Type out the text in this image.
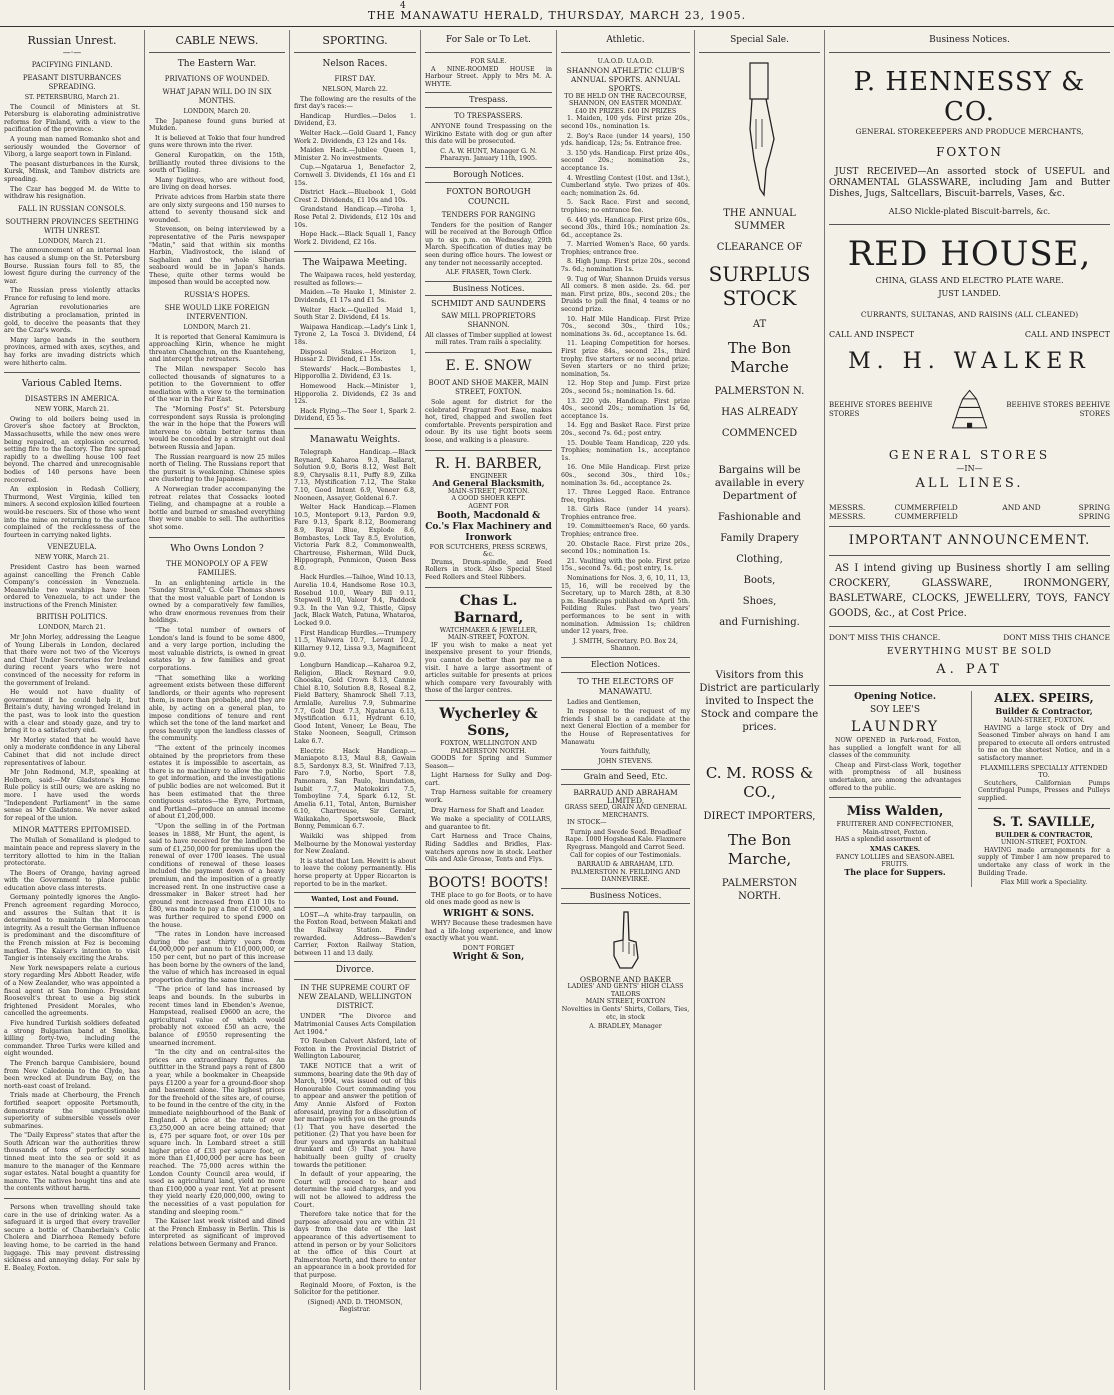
4
THE MANAWATU HERALD, THURSDAY, MARCH 23, 1905.
Russian Unrest.
—·—
PACIFYING FINLAND.
PEASANT DISTURBANCES SPREADING.
ST. PETERSBURG, March 21.

The Council of Ministers at St. Petersburg is elaborating administrative reforms for Finland, with a view to the pacification of the province.

A young man named Romanko shot and seriously wounded the Governor of Viborg, a large seaport town in Finland.

The peasant disturbances in the Kursk, Kursk, Minsk, and Tambov districts are spreading.

The Czar has begged M. de Witte to withdraw his resignation.

FALL IN RUSSIAN CONSOLS.
SOUTHERN PROVINCES SEETHING WITH UNREST.
LONDON, March 21.

The announcement of an internal loan has caused a slump on the St. Petersburg Bourse. Russian fours fell to 85, the lowest figure during the currency of the war.

The Russian press violently attacks France for refusing to lend more.

Agrarian revolutionaries are distributing a proclamation, printed in gold, to deceive the peasants that they are the Czar's words.

Many large bands in the southern provinces, armed with axes, scythes, and hay forks are invading districts which were hitherto calm.

Various Cabled Items.
DISASTERS IN AMERICA.
NEW YORK, March 21.

Owing to old boilers being used in Grover's shoe factory at Brockton, Massachusetts, while the new ones were being repaired, an explosion occurred, setting fire to the factory. The fire spread rapidly to a dwelling house 100 feet beyond. The charred and unrecognisable bodies of 140 persons have been recovered.

An explosion in Redash Colliery, Thurmond, West Virginia, killed ten miners. A second explosion killed fourteen would-be rescuers. Six of those who went into the mine on returning to the surface complained of the recklessness of the fourteen in carrying naked lights.

VENEZUELA.
NEW YORK, March 21.

President Castro has been warned against cancelling the French Cable Company's concession in Venezuela. Meanwhile two warships have been ordered to Venezuela, to act under the instructions of the French Minister.

BRITISH POLITICS.
LONDON, March 21.

Mr John Morley, addressing the League of Young Liberals in London, declared that there were not two of the Viceroys and Chief Under Secretaries for Ireland during recent years who were not convinced of the necessity for reform in the government of Ireland.

He would not have duality of government if he could help it, but Britain's duty, having wronged Ireland in the past, was to look into the question with a clear and steady gaze, and try to bring it to a satisfactory end.

Mr Morley stated that he would have only a moderate confidence in any Liberal Cabinet that did not include direct representatives of labour.

Mr John Redmond, M.P., speaking at Holborn, said:—Mr Gladstone's Home Rule policy is still ours; we are asking no more. I have used the words "Independent Parliament" in the same sense as Mr Gladstone. We never asked for repeal of the union.

MINOR MATTERS EPITOMISED.

The Mullah of Somaliland is pledged to maintain peace and repress slavery in the territory allotted to him in the Italian protectorate.

The Boers of Orange, having agreed with the Government to place public education above class interests.

Germany pointedly ignores the Anglo-French agreement regarding Morocco, and assures the Sultan that it is determined to maintain the Moroccan integrity. As a result the German influence is predominant and the discomfiture of the French mission at Fez is becoming marked. The Kaiser's intention to visit Tangier is intensely exciting the Arabs.

New York newspapers relate a curious story regarding Mrs Abbott Reader, wife of a New Zealander, who was appointed a fiscal agent at San Domingo. President Roosevelt's threat to use a big stick frightened President Morales, who cancelled the agreements.

Five hundred Turkish soldiers defeated a strong Bulgarian band at Smolika, killing forty-two, including the commander. Three Turks were killed and eight wounded.

The French barque Cambisiere, bound from New Caledonia to the Clyde, has been wrecked at Dundrum Bay, on the north-east coast of Ireland.

Trials made at Cherbourg, the French fortified seaport opposite Portsmouth, demonstrate the unquestionable superiority of submersible vessels over submarines.

The "Daily Express" states that after the South African war the authorities threw thousands of tons of perfectly sound tinned meat into the sea or sold it as manure to the manager of the Kenmare sugar estates. Natal bought a quantity for manure. The natives bought tins and ate the contents without harm.

Persons when travelling should take care in the use of drinking water. As a safeguard it is urged that every traveller secure a bottle of Chamberlain's Colic Cholera and Diarrhoea Remedy before leaving home, to be carried in the hand luggage. This may prevent distressing sickness and annoying delay. For sale by E. Bealey, Foxton.

CABLE NEWS.
The Eastern War.
PRIVATIONS OF WOUNDED.
WHAT JAPAN WILL DO IN SIX MONTHS.
LONDON, March 20.

The Japanese found guns buried at Mukden.

It is believed at Tokio that four hundred guns were thrown into the river.

General Kuropatkin, on the 15th, brilliantly routed three divisions to the south of Tieling.

Many fugitives, who are without food, are living on dead horses.

Private advices from Harbin state there are only sixty surgeons and 150 nurses to attend to seventy thousand sick and wounded.

Stevenson, on being interviewed by a representative of the Paris newspaper "Matin," said that within six months Harbin, Vladivostock, the island of Saghalien and the whole Siberian seaboard would be in Japan's hands. These, quite other terms would be imposed than would be accepted now.

RUSSIA'S HOPES.
SHE WOULD LIKE FOREIGN INTERVENTION.
LONDON, March 21.

It is reported that General Kamimura is approaching Kirin, whence he might threaten Changchun, on the Kuanteheng, and intercept the retreaters.

The Milan newspaper Secolo has collected thousands of signatures to a petition to the Government to offer mediation with a view to the termination of the war in the Far East.

The "Morning Post's" St. Petersburg correspondent says Russia is prolonging the war in the hope that the Powers will intervene to obtain better terms than would be conceded by a straight out deal between Russia and Japan.

The Russian rearguard is now 25 miles north of Tieling. The Russians report that the pursuit is weakening. Chinese spies are clustering to the Japanese.

A Norwegian trader accompanying the retreat relates that Cossacks looted Tieling, and champagne at a rouble a bottle and burned or smashed everything they were unable to sell. The authorities shot some.

Who Owns London ?
THE MONOPOLY OF A FEW FAMILIES.

In an enlightening article in the "Sunday Strand," G. Cole Thomas shows that the most valuable part of London is owned by a comparatively few families, who draw enormous revenues from their holdings.

"The total number of owners of London's land is found to be some 4800, and a very large portion, including the most valuable districts, is owned in great estates by a few families and great corporations.

"That something like a working agreement exists between these different landlords, or their agents who represent them, is more than probable, and they are able, by acting on a general plan, to impose conditions of tenure and rent which set the tone of the land market and press heavily upon the landless classes of the community.

"The extent of the princely incomes obtained by the proprietors from these estates it is impossible to ascertain, as there is no machinery to allow the public to get information, and the investigations of public bodies are not welcomed. But it has been estimated that the three contiguous estates—the Eyre, Portman, and Portland—produce an annual income of about £1,200,000.

"Upon the selling in of the Portman leases in 1888, Mr Hunt, the agent, is said to have received for the landlord the sum of £1,250,000 for premiums upon the renewal of over 1700 leases. The usual conditions of renewal of these leases included the payment down of a heavy premium, and the imposition of a greatly increased rent. In one instructive case a dressmaker in Baker street had her ground rent increased from £10 10s to £80, was made to pay a fine of £1000, and was further required to spend £900 on the house.

"The rates in London have increased during the past thirty years from £4,000,000 per annum to £10,000,000, or 150 per cent, but no part of this increase has been borne by the owners of the land, the value of which has increased in equal proportion during the same time.

"The price of land has increased by leaps and bounds. In the suburbs in recent times land in Ebenden's Avenue, Hampstead, realised £9600 an acre, the agricultural value of which would probably not exceed £50 an acre, the balance of £9550 representing the unearned increment.

"In the city and on central-sites the prices are extraordinary figures. An outfitter in the Strand pays a rent of £800 a year, while a bookmaker in Cheapside pays £1200 a year for a ground-floor shop and basement alone. The highest prices for the freehold of the sites are, of course, to be found in the centre of the city, in the immediate neighbourhood of the Bank of England. A price at the rate of over £3,250,000 an acre being attained; that is, £75 per square foot, or over 10s per square inch. In Lombard street a still higher price of £33 per square foot, or more than £1,400,000 per acre has been reached. The 75,000 acres within the London County Council area would, if used as agricultural land, yield no more than £100,000 a year rent. Yet at present they yield nearly £20,000,000, owing to the necessities of a vast population for standing and sleeping room."

The Kaiser last week visited and dined at the French Embassy in Berlin. This is interpreted as significant of improved relations between Germany and France.

SPORTING.
Nelson Races.
FIRST DAY.
NELSON, March 22.

The following are the results of the first day's races:—

Handicap Hurdles.—Delos 1. Dividend, £3.

Welter Hack.—Gold Guard 1, Fancy Work 2. Dividends, £3 12s and 14s.

Maiden Hack.—Jubilee Queen 1, Minister 2. No investments.

Cup.—Ngatarua 1, Benefactor 2, Cornwell 3. Dividends, £1 16s and £1 15s.

District Hack.—Bluebook 1, Gold Crest 2. Dividends, £1 10s and 10s.

Grandstand Handicap.—Tiroha 1, Rose Petal 2. Dividends, £12 10s and 10s.

Hope Hack.—Black Squall 1, Fancy Work 2. Dividend, £2 16s.

The Waipawa Meeting.

The Waipawa races, held yesterday, resulted as follows:—

Maiden.—Te Hauke 1, Minister 2. Dividends, £1 17s and £1 5s.

Welter Hack.—Quelled Maid 1, South Star 2. Dividend, £4 1s.

Waipawa Handicap.—Lady's Link 1, Tyrone 2, La Tosca 3. Dividend, £4 18s.

Disposal Stakes.—Horizon 1, Hussar 2. Dividend, £1 15s.

Stewards' Hack.—Bombastes 1, Hipporollia 2. Dividend, £3 1s.

Homewood Hack.—Minister 1, Hipporolia 2. Dividends, £2 3s and 12s.

Hack Flying.—The Seer 1, Spark 2. Dividend, £5 5s.

Manawatu Weights.

Telegraph Handicap.—Black Reynard, Kaharoa 9.3, Ballarat, Solution 9.0, Boris 8.12, West Belt 8.9, Chrysalis 8.11, Puffy 8.9, Zilka 7.13, Mystification 7.12, The Stake 7.10, Good Intent 6.9, Veneer 6.8, Nooneen, Assayer, Goldenal 6.7.

Welter Hack Handicap.—Flamen 10.5, Monteport 9.13, Pardon 9.9, Fare 9.13, Spark 8.12, Boomerang 8.9, Royal Blue, Explode 8.6, Bombastes, Lock Tay 8.5, Evolution, Victoria Park 8.2, Commonwealth, Chartreuse, Fisherman, Wild Duck, Hippograph, Penmicon, Queen Bess 8.0.

Hack Hurdles.—Taihoe, Wind 10.13, Aurelia 10.4, Handsome Rose 10.3, Rosebud 10.0, Weary Bill 9.11, Stepwell 9.10, Valour 9.4, Paddock 9.3. In the Van 9.2, Thistle, Gipsy Jack, Black Watch, Patuna, Whataroa, Locked 9.0.

First Handicap Hurdles.—Trumpery 11.5, Walwera 10.7, Levant 10.2, Killarney 9.12, Lissa 9.3, Magnificent 9.0.

Longburn Handicap.—Kaharoa 9.2, Religion, Black Reynard 9.0, Ghooska, Gold Crown 8.13, Cannie Chiel 8.10, Solution 8.8, Roseal 8.2, Field Battery, Shamrock Shell 7.13, Armlalle, Aurelius 7.9, Submarine 7.7, Gold Dust 7.3, Ngatarua 6.13, Mystification 6.11, Hydrant 6.10, Good Intent, Veneer, Le Beau, The Stake Nooneen, Seagull, Crimson Lake 6.7.

Electric Hack Handicap.—Maniapoto 8.13, Maul 8.8, Gawain 8.5, Sardonyx 8.3, St. Winifred 7.13, Faro 7.9, Norbo, Sport 7.8, Pamonara, San Paulo, Inundation, Isubit 7.7, Matokokiri 7.5, Tomboyline 7.4, Spark 6.12, St. Amelia 6.11, Total, Anton, Burnisher 6.10, Chartreuse, Sir Geraint, Waikakaho, Sportswoole, Black Bonny, Pemmican 6.7.

Waikiki was shipped from Melbourne by the Monowai yesterday for New Zealand.

It is stated that Len. Hewitt is about to leave the colony permanently. His horse property at Upper Riccarton is reported to be in the market.

Wanted, Lost and Found.

LOST—A white-fray tarpaulin, on the Foxton Road, between Makati and the Railway Station. Finder rewarded. Address—Bawden's Carrier, Foxton Railway Station, between 11 and 13 daily.

Divorce.
IN THE SUPREME COURT OF NEW ZEALAND, WELLINGTON DISTRICT.

UNDER "The Divorce and Matrimonial Causes Acts Compilation Act 1904."

TO Reuben Calvert Alsford, late of Foxton in the Provincial District of Wellington Labourer,

TAKE NOTICE that a writ of summons, bearing date the 9th day of March, 1904, was issued out of this Honourable Court commanding you to appear and answer the petition of Amy Annie Alsford of Foxton aforesaid, praying for a dissolution of her marriage with you on the grounds (1) That you have deserted the petitioner. (2) That you have been for four years and upwards an habitual drunkard and (3) That you have habitually been guilty of cruelty towards the petitioner.

In default of your appearing, the Court will proceed to hear and determine the said charges, and you will not be allowed to address the Court.

Therefore take notice that for the purpose aforesaid you are within 21 days from the date of the last appearance of this advertisement to attend in person or by your Solicitors at the office of this Court at Palmerston North, and there to enter an appearance in a book provided for that purpose.

Reginald Moore, of Foxton, is the Solicitor for the petitioner.

(Signed) AND. D. THOMSON, Registrar.
For Sale or To Let.
FOR SALE.

A NINE-ROOMED HOUSE in Harbour Street. Apply to Mrs M. A. WHYTE.

Trespass.
TO TRESPASSERS.

ANYONE found Trespassing on the Wirikino Estate with dog or gun after this date will be prosecuted.

C. A. W. HUNT, Manager G. N. Pharazyn. January 11th, 1905.

Borough Notices.
FOXTON BOROUGH COUNCIL
TENDERS FOR RANGING

Tenders for the position of Ranger will be received at the Borough Office up to six p.m. on Wednesday, 29th March. Specification of duties may be seen during office hours. The lowest or any tender not necessarily accepted.

ALF. FRASER, Town Clerk.

Business Notices.
SCHMIDT AND SAUNDERS
SAW MILL PROPRIETORS SHANNON.

All classes of Timber supplied at lowest mill rates. Tram rails a speciality.

E. E. SNOW
BOOT AND SHOE MAKER, MAIN STREET, FOXTON.

Sole agent for district for the celebrated Fragrant Foot Ease, makes hot, tired, chapped and swollen feet comfortable. Prevents perspiration and odour. By its use tight boots seem loose, and walking is a pleasure.

R. H. BARBER,
ENGINEER
And General Blacksmith,
MAIN-STREET, FOXTON.
A GOOD SHOER KEPT.
AGENT FOR
Booth, Macdonald & Co.'s Flax Machinery and Ironwork
FOR SCUTCHERS, PRESS SCREWS, &c.

Drums, Drum-spindle, and Feed Rollers in stock. Also Special Steel Feed Rollers and Steel Ribbers.

Chas L. Barnard,
WATCHMAKER & JEWELLER,
MAIN-STREET, FOXTON.

IF you wish to make a neat yet inexpensive present to your friends, you cannot do better than pay me a visit. I have a large assortment of articles suitable for presents at prices which compare very favourably with those of the larger centres.

Wycherley & Sons,
FOXTON, WELLINGTON AND PALMERSTON NORTH.

GOODS for Spring and Summer Season—

Light Harness for Sulky and Dog-cart.

Trap Harness suitable for creamery work.

Dray Harness for Shaft and Leader.

We make a speciality of COLLARS, and guarantee to fit.

Cart Harness and Trace Chains, Riding Saddles and Bridles, Flax-watchers aprons now in stock. Leather Oils and Axle Grease, Tents and Flys.

BOOTS! BOOTS!

THE place to go for Boots, or to have old ones made good as new is

WRIGHT & SONS.

WHY? Because these tradesmen have had a life-long experience, and know exactly what you want.

DON'T FORGET
Wright & Son,
Athletic.
U.A.O.D. U.A.O.D.
SHANNON ATHLETIC CLUB'S
ANNUAL SPORTS. ANNUAL SPORTS.
TO BE HELD ON THE RACECOURSE, SHANNON, ON EASTER MONDAY.
£40 IN PRIZES. £40 IN PRIZES

1. Maiden, 100 yds. First prize 20s., second 10s., nomination 1s.

2. Boy's Race (under 14 years), 150 yds. handicap, 12s; 5s. Entrance free.

3. 150 yds. Handicap. First prize 40s., second 20s.; nomination 2s., acceptance 1s.

4. Wrestling Contest (10st. and 13st.), Cumberland style. Two prizes of 40s. each; nomination 2s. 6d.

5. Sack Race. First and second, trophies; no entrance fee.

6. 440 yds. Handicap. First prize 60s., second 30s., third 10s.; nomination 2s. 6d., acceptance 2s.

7. Married Women's Race, 60 yards. Trophies; entrance free.

8. High Jump. First prize 20s., second 7s. 6d.; nomination 1s.

9. Tug of War, Shannon Druids versus All comers. 8 men aside. 2s. 6d. per man. First prize, 80s., second 20s.; the Druids to pull the final, 4 teams or no second prize.

10. Half Mile Handicap. First Prize 70s., second 30s., third 10s.; nominations 3s. 6d., acceptance 1s. 6d.

11. Leaping Competition for horses. First prize 84s., second 21s., third trophy. five starters or no second prize. Seven starters or no third prize; nomination, 5s.

12. Hop Step and Jump. First prize 20s., second 5s.; nomination 1s. 6d.

13. 220 yds. Handicap. First prize 40s., second 20s.; nomination 1s 6d, acceptance 1s.

14. Egg and Basket Race. First prize 20s., second 7s. 6d.; post entry.

15. Double Team Handicap, 220 yds. Trophies; nomination 1s., acceptance 1s.

16. One Mile Handicap. First prize 60s., second 30s., third 10s.; nomination 3s. 6d., acceptance 2s.

17. Three Legged Race. Entrance free, trophies.

18. Girls Race (under 14 years). Trophies entrance free.

19. Committeemen's Race, 60 yards. Trophies; entrance free.

20. Obstacle Race. First prize 20s., second 10s.; nomination 1s.

21. Vaulting with the pole. First prize 15s., second 7s. 6d.; post entry, 1s.

Nominations for Nos. 3, 6, 10, 11, 13, 15, 16, will be received by the Secretary, up to March 28th, at 8.30 p.m. Handicaps published on April 5th. Feilding Rules. Past two years' performances to be sent in with nomination. Admission 1s; children under 12 years, free.

J. SMITH, Secretary. P.O. Box 24, Shannon.

Election Notices.
TO THE ELECTORS OF MANAWATU.

Ladies and Gentlemen,

In response to the request of my friends I shall be a candidate at the next General Election of a member for the House of Representatives for Manawatu

Yours faithfully,

JOHN STEVENS.

Grain and Seed, Etc.
BARRAUD AND ABRAHAM LIMITED,
GRASS SEED, GRAIN AND GENERAL MERCHANTS.

IN STOCK—

Turnip and Swede Seed. Broadleaf Rape. 1000 Hogshead Kale. Flaxmere Ryegrass. Mangold and Carrot Seed. Call for copies of our Testimonials.

BARRAUD & ABRAHAM, LTD. PALMERSTON N. FEILDING AND DANNEVIRKE.

Business Notices.
OSBORNE AND BAKER
LADIES' AND GENTS' HIGH CLASS TAILORS
MAIN STREET, FOXTON

Novelties in Gents' Shirts, Collars, Ties, etc, in stock

A. BRADLEY, Manager

Special Sale.
THE ANNUAL SUMMER
CLEARANCE OF
SURPLUS STOCK
AT
The Bon Marche
PALMERSTON N.
HAS ALREADY
COMMENCED
Bargains will be available in every Department of
Fashionable and
Family Drapery
Clothing,
Boots,
Shoes,
and Furnishing.
Visitors from this District are particularly invited to Inspect the Stock and compare the prices.
C. M. ROSS & CO.,
DIRECT IMPORTERS,
The Bon Marche,
PALMERSTON NORTH.
Business Notices.
P. HENNESSY & CO.
GENERAL STOREKEEPERS AND PRODUCE MERCHANTS,
FOXTON

JUST RECEIVED—An assorted stock of USEFUL and ORNAMENTAL GLASSWARE, including Jam and Butter Dishes, Jugs, Saltcellars, Biscuit-barrels, Vases, &c.

ALSO Nickle-plated Biscuit-barrels, &c.

RED HOUSE,
CHINA, GLASS AND ELECTRO PLATE WARE.
JUST LANDED.
CURRANTS, SULTANAS, AND RAISINS (ALL CLEANED)
CALL AND INSPECT	CALL AND INSPECT
M. H. WALKER
BEEHIVE STORES BEEHIVE STORES
BEEHIVE STORES BEEHIVE STORES
GENERAL STORES
—IN—
ALL LINES.
MESSRS. MESSRS.
CUMMERFIELD CUMMERFIELD
AND AND	SPRING SPRING
IMPORTANT ANNOUNCEMENT.

AS I intend giving up Business shortly I am selling CROCKERY, GLASSWARE, IRONMONGERY, BASLETWARE, CLOCKS, JEWELLERY, TOYS, FANCY GOODS, &c., at Cost Price.

DON'T MISS THIS CHANCE.	DONT MISS THIS CHANCE
EVERYTHING MUST BE SOLD
A. PAT
Opening Notice.
SOY LEE'S
LAUNDRY

NOW OPENED in Park-road, Foxton, has supplied a longfelt want for all classes of the community.

Cheap and First-class Work, together with promptness of all business undertaken, are among the advantages offered to the public.

Miss Walden,
FRUITERER AND CONFECTIONER, Main-street, Foxton.

HAS a splendid assortment of

XMAS CAKES.
FANCY LOLLIES and SEASON-ABEL FRUITS.
The place for Suppers.
ALEX. SPEIRS,
Builder & Contractor,
MAIN-STREET, FOXTON.

HAVING a large stock of Dry and Seasoned Timber always on hand I am prepared to execute all orders entrusted to me on the shortest Notice, and in a satisfactory manner.

FLAXMILLERS SPECIALLY ATTENDED TO.

Scutchers, Californian Pumps Centrifugal Pumps, Presses and Pulleys supplied.

S. T. SAVILLE,
BUILDER & CONTRACTOR,
UNION-STREET, FOXTON.

HAVING made arrangements for a supply of Timber I am now prepared to undertake any class of work in the Building Trade.

Flax Mill work a Speciality.
